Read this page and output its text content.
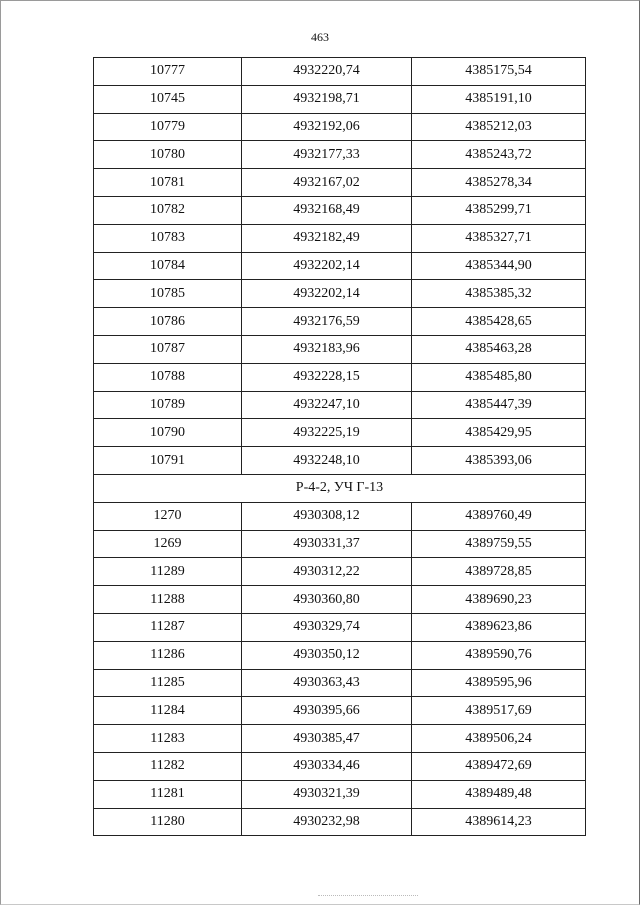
463
10777	4932220,74	4385175,54
10745	4932198,71	4385191,10
10779	4932192,06	4385212,03
10780	4932177,33	4385243,72
10781	4932167,02	4385278,34
10782	4932168,49	4385299,71
10783	4932182,49	4385327,71
10784	4932202,14	4385344,90
10785	4932202,14	4385385,32
10786	4932176,59	4385428,65
10787	4932183,96	4385463,28
10788	4932228,15	4385485,80
10789	4932247,10	4385447,39
10790	4932225,19	4385429,95
10791	4932248,10	4385393,06
Р-4-2, УЧ Г-13		
1270	4930308,12	4389760,49
1269	4930331,37	4389759,55
11289	4930312,22	4389728,85
11288	4930360,80	4389690,23
11287	4930329,74	4389623,86
11286	4930350,12	4389590,76
11285	4930363,43	4389595,96
11284	4930395,66	4389517,69
11283	4930385,47	4389506,24
11282	4930334,46	4389472,69
11281	4930321,39	4389489,48
11280	4930232,98	4389614,23
